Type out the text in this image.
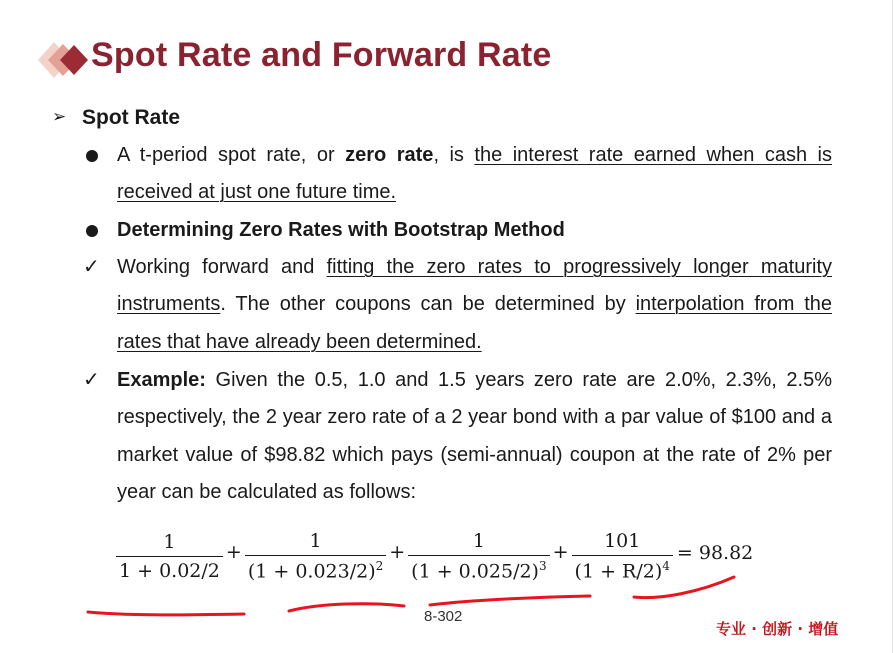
Spot Rate and Forward Rate
➢ Spot Rate
A t-period spot rate, or zero rate, is the interest rate earned when cash is received at just one future time.
Determining Zero Rates with Bootstrap Method
✓ Working forward and fitting the zero rates to progressively longer maturity instruments. The other coupons can be determined by interpolation from the rates that have already been determined.
✓ Example: Given the 0.5, 1.0 and 1.5 years zero rate are 2.0%, 2.3%, 2.5% respectively, the 2 year zero rate of a 2 year bond with a par value of $100 and a market value of $98.82 which pays (semi-annual) coupon at the rate of 2% per year can be calculated as follows:
$\frac{1}{1 + 0.02/2} + \frac{1}{(1 + 0.023/2)^2} + \frac{1}{(1 + 0.025/2)^3} + \frac{101}{(1 + R/2)^4} = 98.82$
8-302
专业 · 创新 · 增值
